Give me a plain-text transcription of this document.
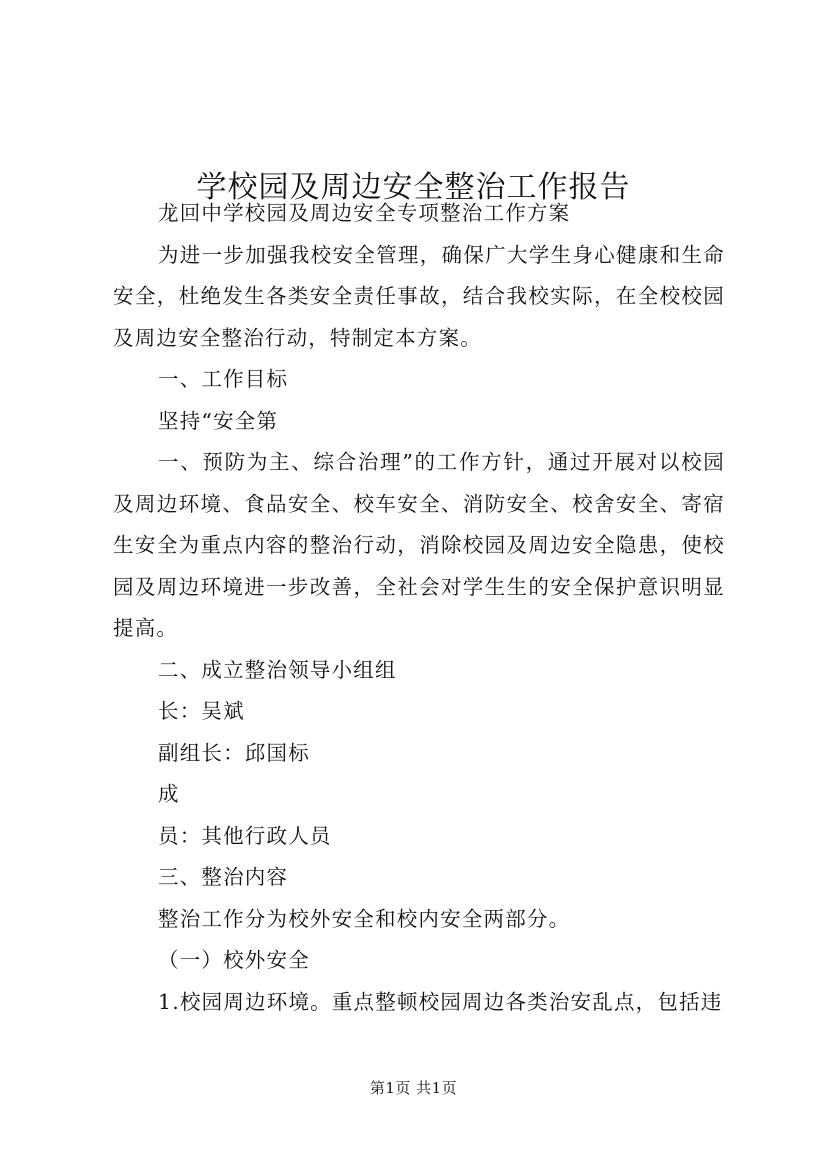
学校园及周边安全整治工作报告

龙回中学校园及周边安全专项整治工作方案

为进一步加强我校安全管理，确保广大学生身心健康和生命安全，杜绝发生各类安全责任事故，结合我校实际，在全校校园及周边安全整治行动，特制定本方案。

一、工作目标

坚持“安全第

一、预防为主、综合治理”的工作方针，通过开展对以校园及周边环境、食品安全、校车安全、消防安全、校舍安全、寄宿生安全为重点内容的整治行动，消除校园及周边安全隐患，使校园及周边环境进一步改善，全社会对学生生的安全保护意识明显提高。

二、成立整治领导小组组

长：吴斌

副组长：邱国标

成

员：其他行政人员

三、整治内容

整治工作分为校外安全和校内安全两部分。

（一）校外安全

1.校园周边环境。重点整顿校园周边各类治安乱点，包括违

第1页 共1页
